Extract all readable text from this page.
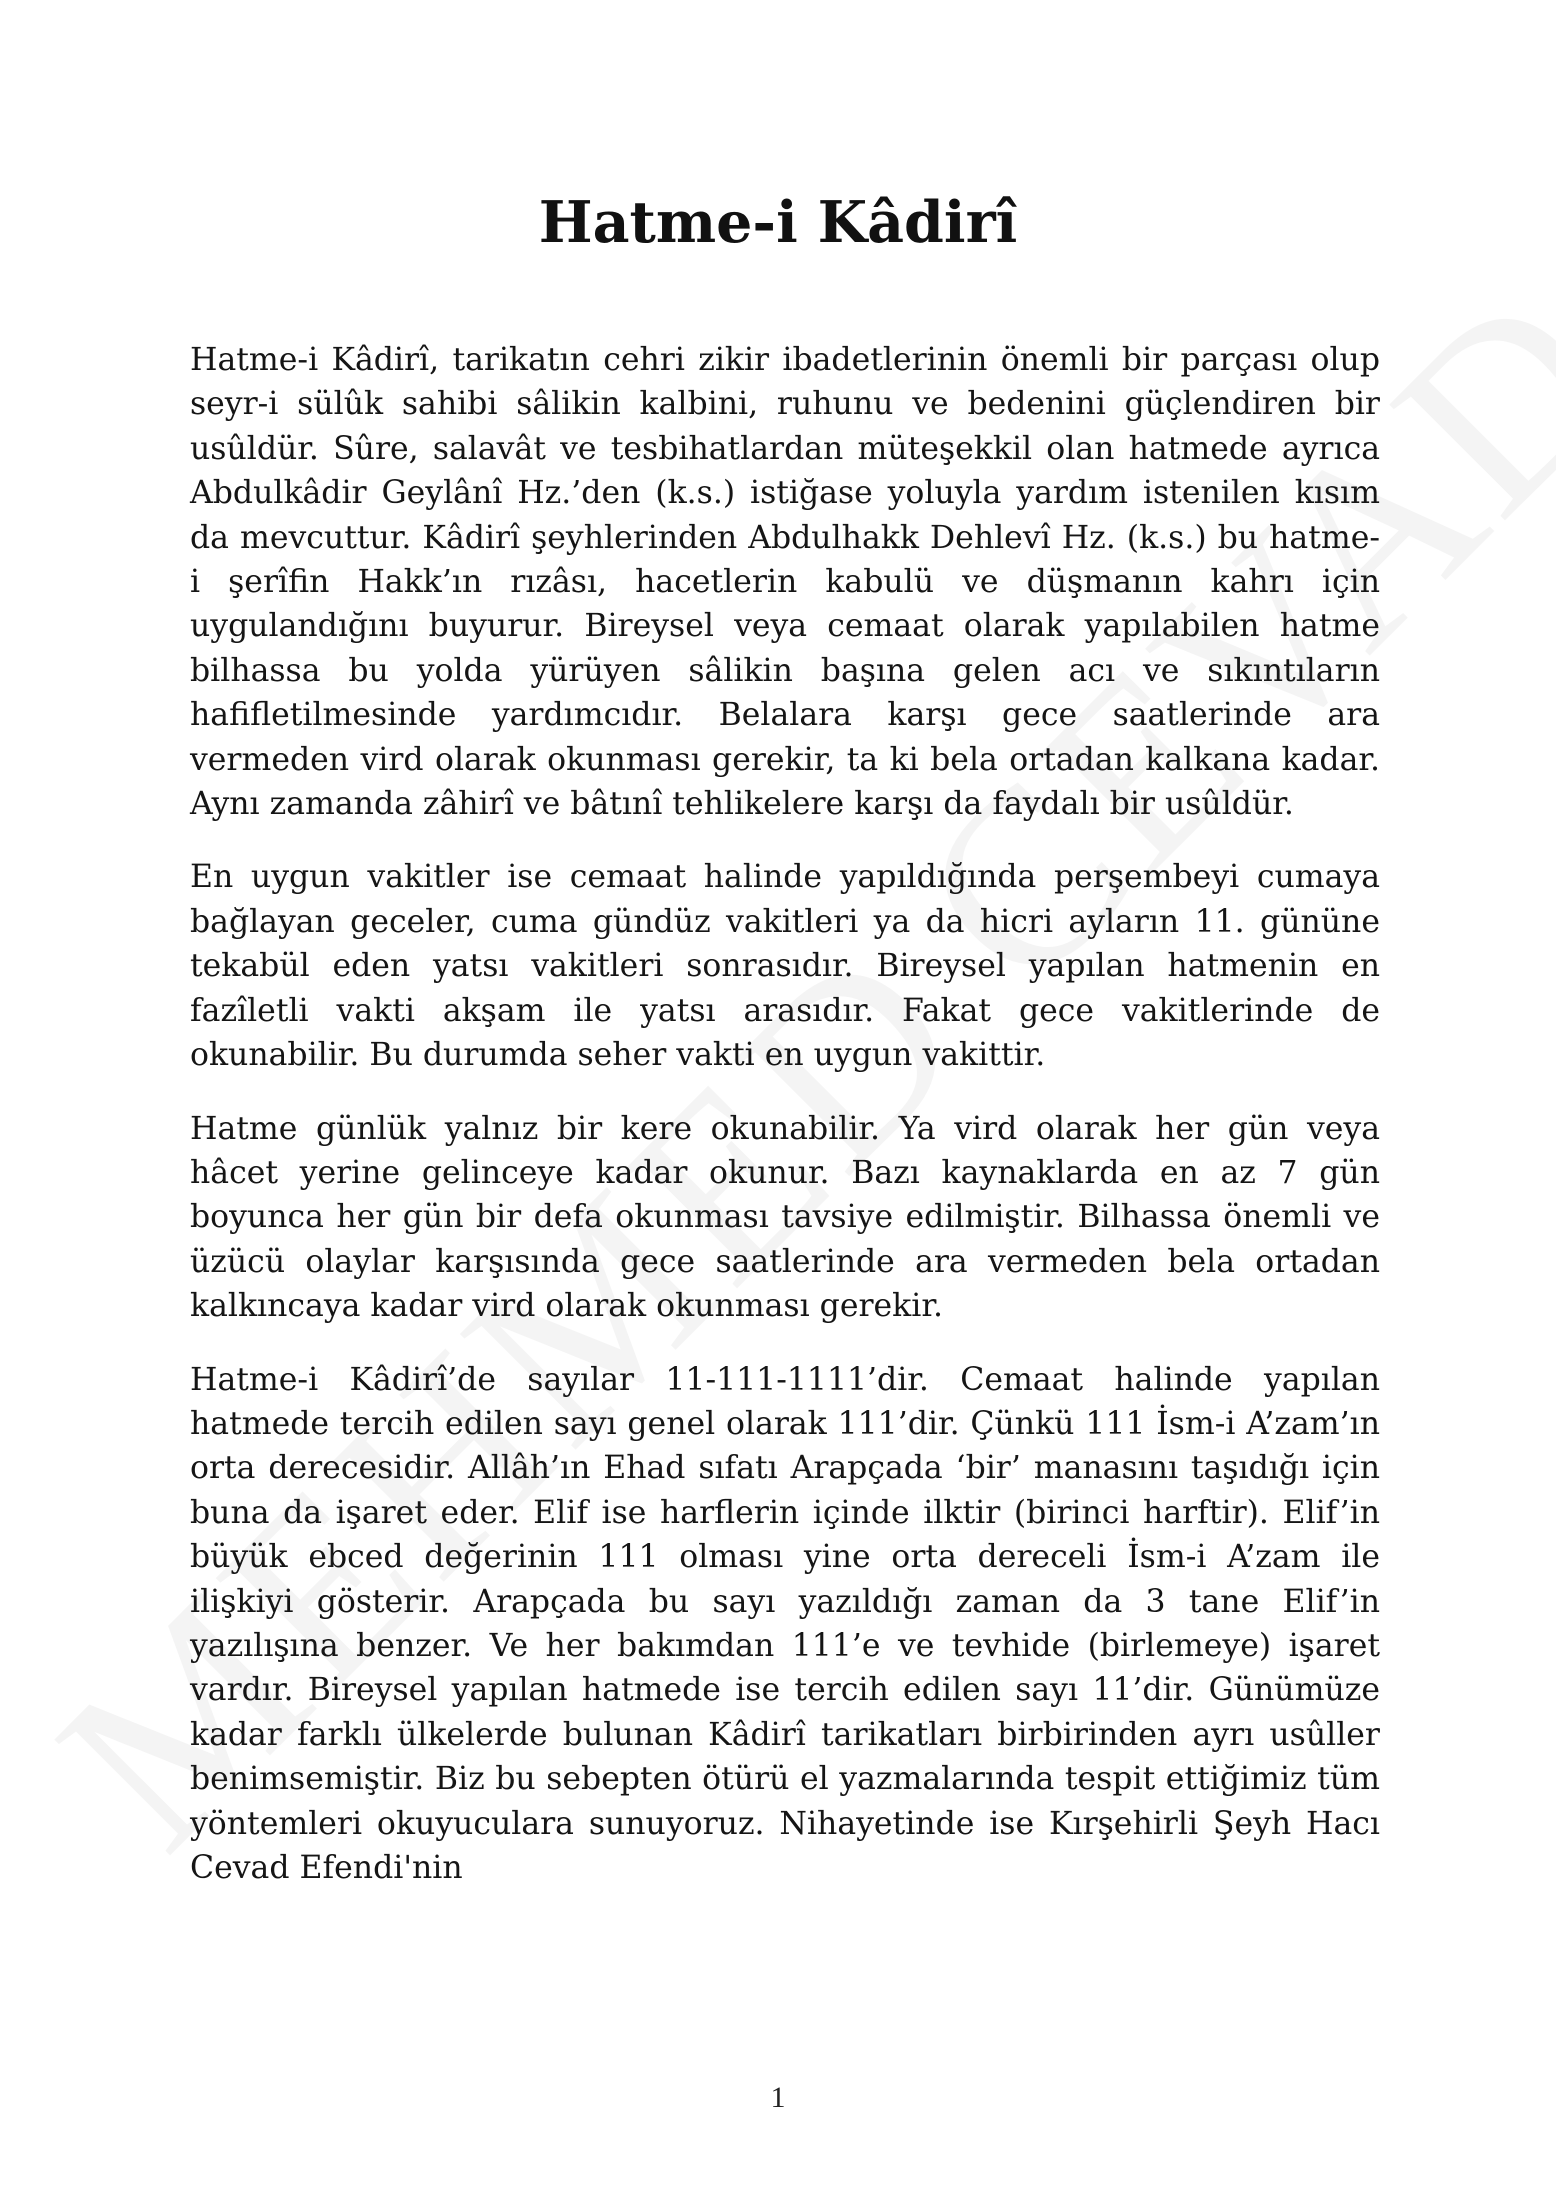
Hatme-i Kâdirî

Hatme-i Kâdirî, tarikatın cehri zikir ibadetlerinin önemli bir parçası olup seyr-i sülûk sahibi sâlikin kalbini, ruhunu ve bedenini güçlendiren bir usûldür. Sûre, salavât ve tesbihatlardan müteşekkil olan hatmede ayrıca Abdulkâdir Geylânî Hz.’den (k.s.) istiğase yoluyla yardım istenilen kısım da mevcuttur. Kâdirî şeyhlerinden Abdulhakk Dehlevî Hz. (k.s.) bu hatme-i şerîfin Hakk’ın rızâsı, hacetlerin kabulü ve düşmanın kahrı için uygulandığını buyurur. Bireysel veya cemaat olarak yapılabilen hatme bilhassa bu yolda yürüyen sâlikin başına gelen acı ve sıkıntıların hafifletilmesinde yardımcıdır. Belalara karşı gece saatlerinde ara vermeden vird olarak okunması gerekir, ta ki bela ortadan kalkana kadar. Aynı zamanda zâhirî ve bâtınî tehlikelere karşı da faydalı bir usûldür.

En uygun vakitler ise cemaat halinde yapıldığında perşembeyi cumaya bağlayan geceler, cuma gündüz vakitleri ya da hicri ayların 11. gününe tekabül eden yatsı vakitleri sonrasıdır. Bireysel yapılan hatmenin en fazîletli vakti akşam ile yatsı arasıdır. Fakat gece vakitlerinde de okunabilir. Bu durumda seher vakti en uygun vakittir.

Hatme günlük yalnız bir kere okunabilir. Ya vird olarak her gün veya hâcet yerine gelinceye kadar okunur. Bazı kaynaklarda en az 7 gün boyunca her gün bir defa okunması tavsiye edilmiştir. Bilhassa önemli ve üzücü olaylar karşısında gece saatlerinde ara vermeden bela ortadan kalkıncaya kadar vird olarak okunması gerekir.

Hatme-i Kâdirî’de sayılar 11-111-1111’dir. Cemaat halinde yapılan hatmede tercih edilen sayı genel olarak 111’dir. Çünkü 111 İsm-i A’zam’ın orta derecesidir. Allâh’ın Ehad sıfatı Arapçada ‘bir’ manasını taşıdığı için buna da işaret eder. Elif ise harflerin içinde ilktir (birinci harftir). Elif’in büyük ebced değerinin 111 olması yine orta dereceli İsm-i A’zam ile ilişkiyi gösterir. Arapçada bu sayı yazıldığı zaman da 3 tane Elif’in yazılışına benzer. Ve her bakımdan 111’e ve tevhide (birlemeye) işaret vardır. Bireysel yapılan hatmede ise tercih edilen sayı 11’dir. Günümüze kadar farklı ülkelerde bulunan Kâdirî tarikatları birbirinden ayrı usûller benimsemiştir. Biz bu sebepten ötürü el yazmalarında tespit ettiğimiz tüm yöntemleri okuyuculara sunuyoruz. Nihayetinde ise Kırşehirli Şeyh Hacı Cevad Efendi'nin

1
